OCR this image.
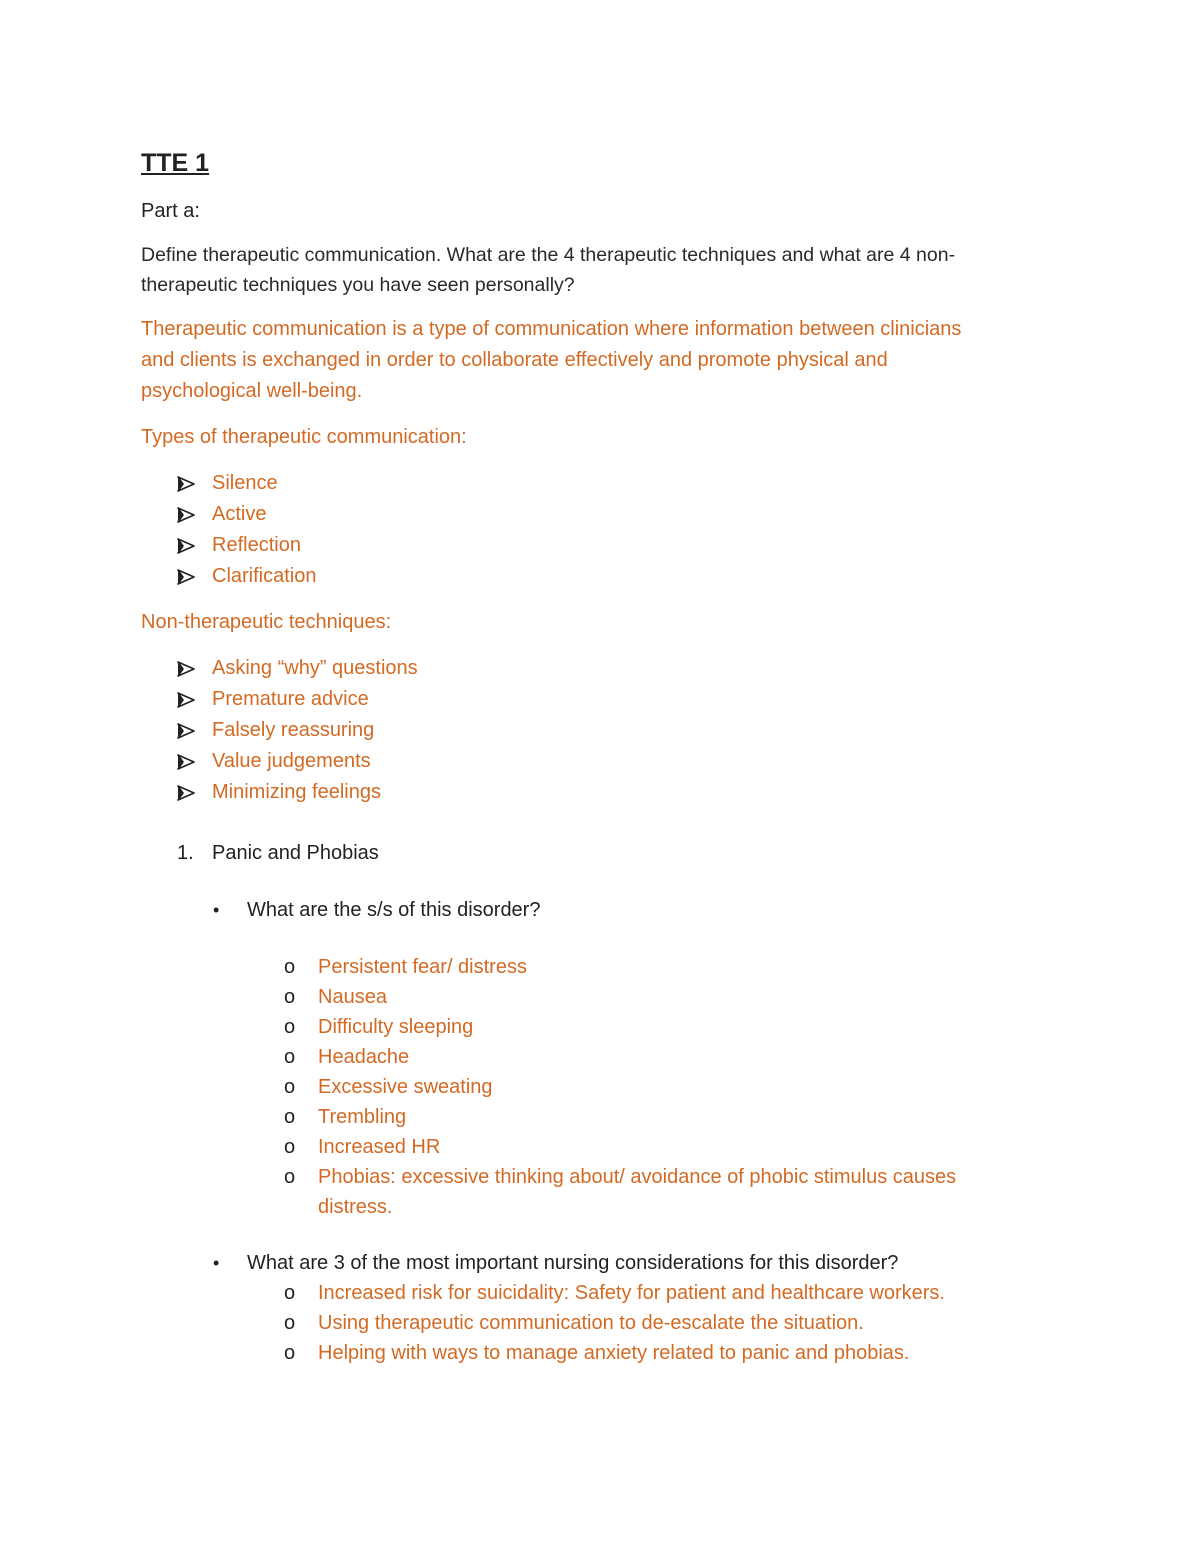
TTE 1

Part a:

Define therapeutic communication. What are the 4 therapeutic techniques and what are 4 non-
therapeutic techniques you have seen personally?

Therapeutic communication is a type of communication where information between clinicians
and clients is exchanged in order to collaborate effectively and promote physical and
psychological well-being.

Types of therapeutic communication:

Silence
Active
Reflection
Clarification

Non-therapeutic techniques:

Asking “why” questions
Premature advice
Falsely reassuring
Value judgements
Minimizing feelings
1. Panic and Phobias
• What are the s/s of this disorder?
o Persistent fear/ distress
o Nausea
o Difficulty sleeping
o Headache
o Excessive sweating
o Trembling
o Increased HR
o Phobias: excessive thinking about/ avoidance of phobic stimulus causes
distress.
• What are 3 of the most important nursing considerations for this disorder?
o Increased risk for suicidality: Safety for patient and healthcare workers.
o Using therapeutic communication to de-escalate the situation.
o Helping with ways to manage anxiety related to panic and phobias.
